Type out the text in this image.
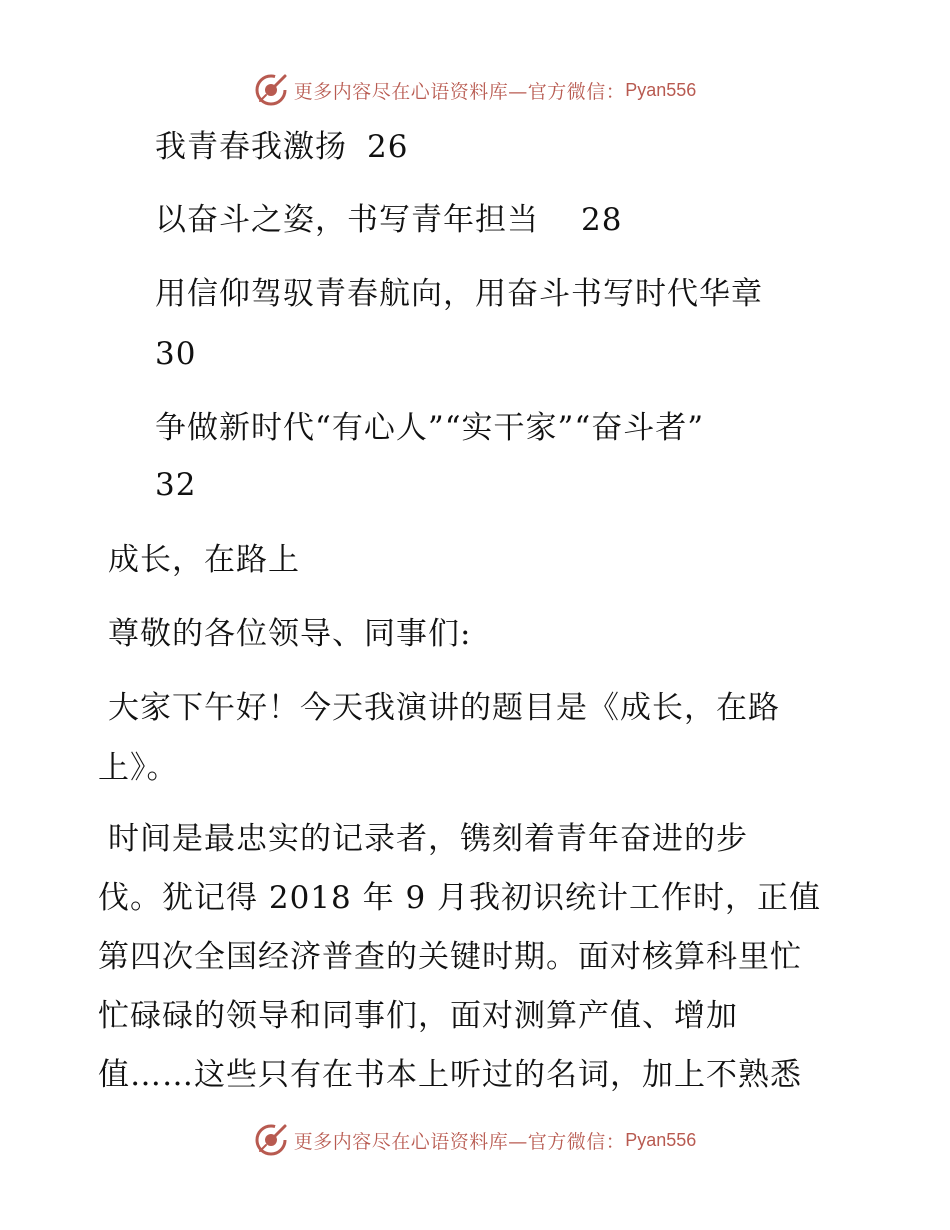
更多内容尽在心语资料库—官方微信： Pyan556
我青春我激扬 26
以奋斗之姿，书写青年担当 28
用信仰驾驭青春航向，用奋斗书写时代华章
30
争做新时代“有心人”“实干家”“奋斗者”
32
成长，在路上
尊敬的各位领导、同事们:
大家下午好！今天我演讲的题目是《成长，在路
上》。
时间是最忠实的记录者，镌刻着青年奋进的步
伐。犹记得 2018 年 9 月我初识统计工作时，正值
第四次全国经济普查的关键时期。面对核算科里忙
忙碌碌的领导和同事们，面对测算产值、增加
值……这些只有在书本上听过的名词，加上不熟悉
更多内容尽在心语资料库—官方微信： Pyan556
